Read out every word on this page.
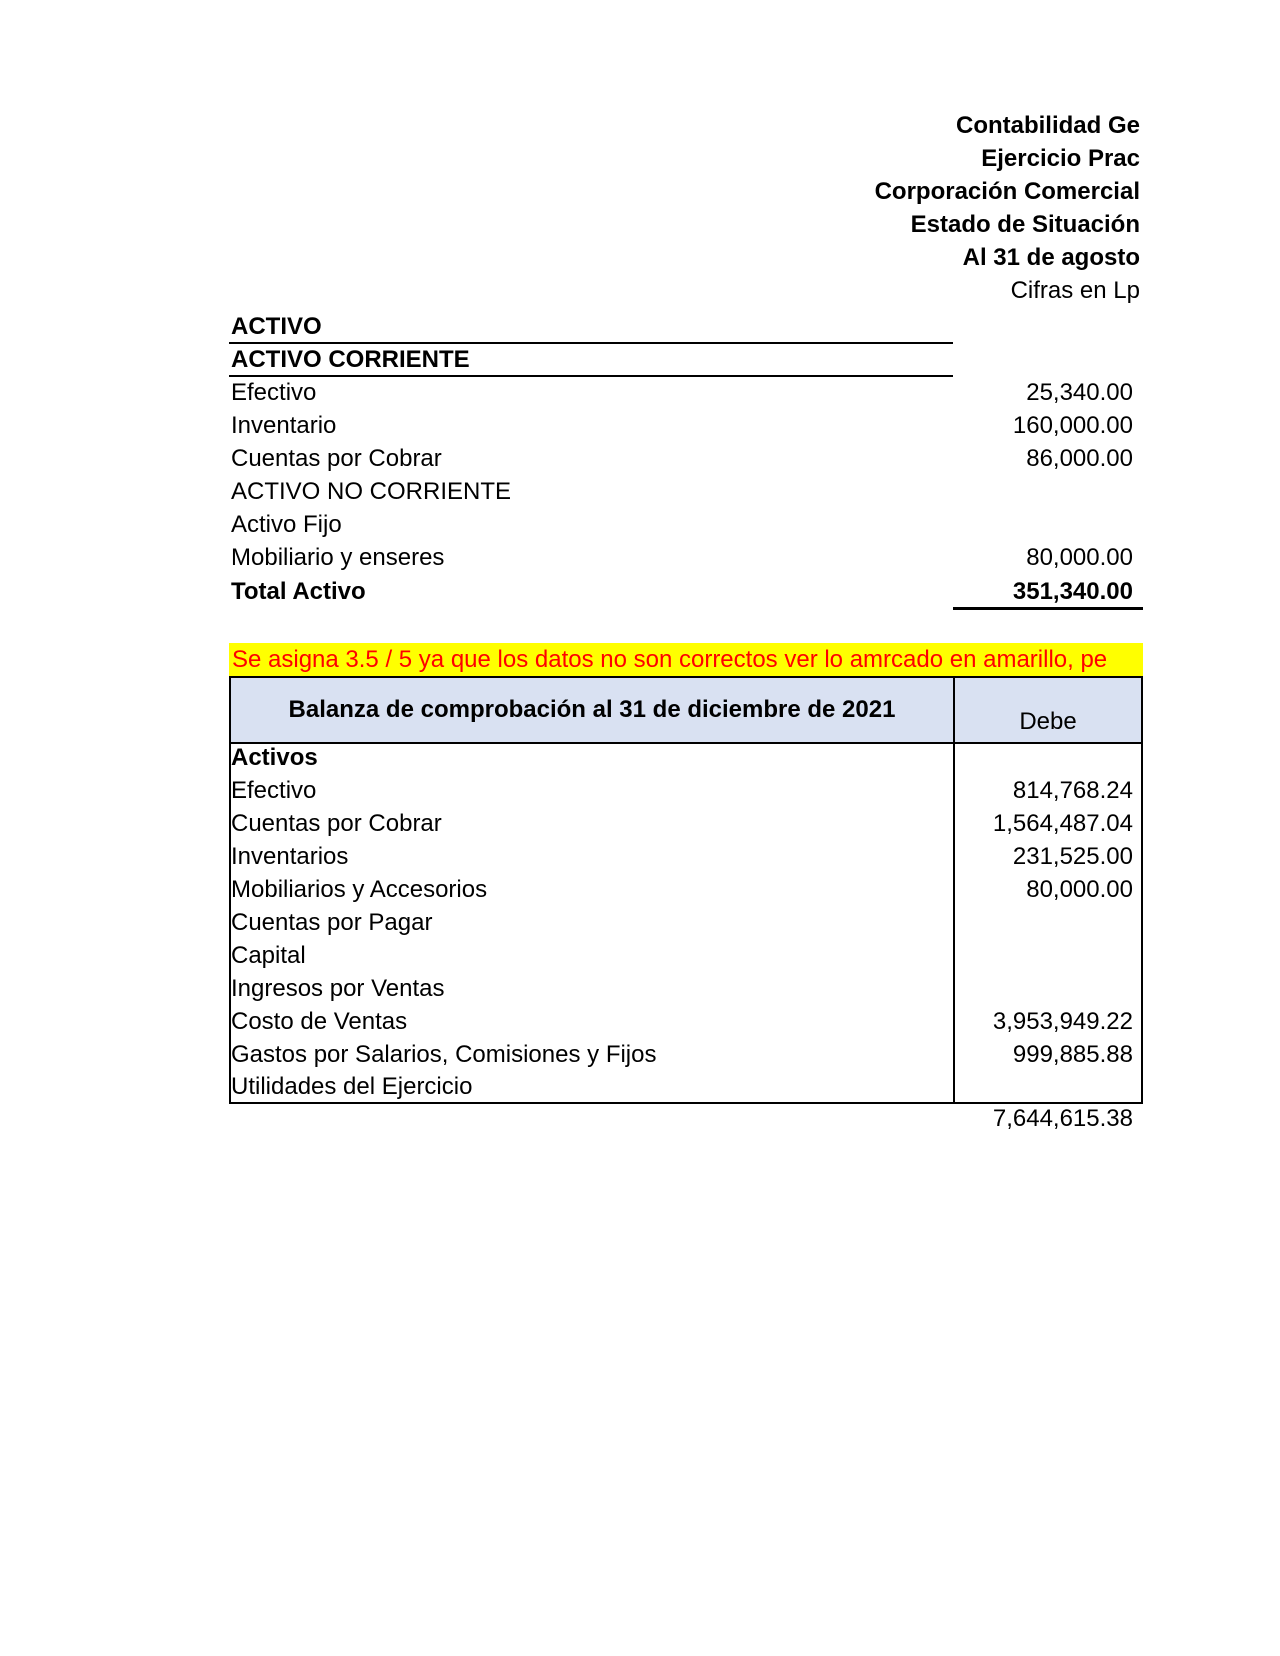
Contabilidad Ge
Ejercicio Prac
Corporación Comercial
Estado de Situación
Al 31 de agosto
Cifras en Lp
ACTIVO
ACTIVO CORRIENTE
Efectivo	25,340.00
Inventario	160,000.00
Cuentas por Cobrar	86,000.00
ACTIVO NO CORRIENTE
Activo Fijo
Mobiliario y enseres	80,000.00
Total Activo	351,340.00
Se asigna 3.5 / 5 ya que los datos no son correctos ver lo amrcado en amarillo, pe
Balanza de comprobación al 31 de diciembre de 2021	Debe
Activos
Efectivo	814,768.24
Cuentas por Cobrar	1,564,487.04
Inventarios	231,525.00
Mobiliarios y Accesorios	80,000.00
Cuentas por Pagar
Capital
Ingresos por Ventas
Costo de Ventas	3,953,949.22
Gastos por Salarios, Comisiones y Fijos	999,885.88
Utilidades del Ejercicio
7,644,615.38
